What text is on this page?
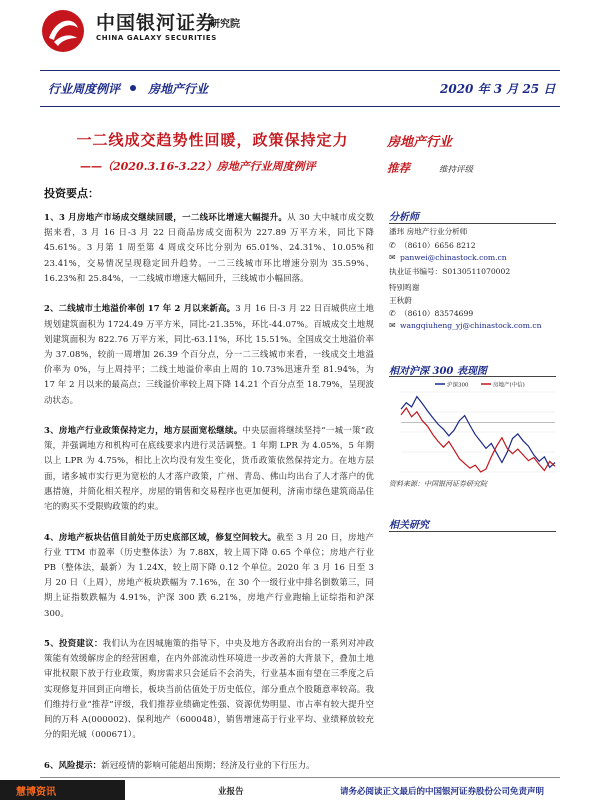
中国银河证券
CHINA GALAXY SECURITIES
研究院
行业周度例评 房地产行业	2020 年 3 月 25 日
一二线成交趋势性回暖，政策保持定力
——（2020.3.16-3.22）房地产行业周度例评
房地产行业
推荐	维持评级
投资要点：

1、3 月房地产市场成交继续回暖，一二线环比增速大幅提升。从 30 大中城市成交数据来看，3 月 16 日-3 月 22 日商品房成交面积为 227.89 万平方米，同比下降 45.61%。3 月第 1 周至第 4 周成交环比分别为 65.01%、24.31%、10.05%和 23.41%，交易情况呈现稳定回升趋势。一二三线城市环比增速分别为 35.59%、16.23%和 25.84%，一二线城市增速大幅回升，三线城市小幅回落。

2、二线城市土地溢价率创 17 年 2 月以来新高。3 月 16 日-3 月 22 日百城供应土地规划建筑面积为 1724.49 万平方米，同比-21.35%，环比-44.07%。百城成交土地规划建筑面积为 822.76 万平方米，同比-63.11%，环比 15.51%。全国成交土地溢价率为 37.08%，较前一周增加 26.39 个百分点，分一二三线城市来看，一线成交土地溢价率为 0%，与上周持平；二线土地溢价率由上周的 10.73%迅速升至 81.94%，为 17 年 2 月以来的最高点；三线溢价率较上周下降 14.21 个百分点至 18.79%，呈现波动状态。

3、房地产行业政策保持定力，地方层面宽松继续。中央层面将继续坚持“一城一策”政策，并强调地方和机构可在底线要求内进行灵活调整。1 年期 LPR 为 4.05%，5 年期以上 LPR 为 4.75%，相比上次均没有发生变化，货币政策依然保持定力。在地方层面，诸多城市实行更为宽松的人才落户政策，广州、青岛、佛山均出台了人才落户的优惠措施，并简化相关程序，房屋的销售和交易程序也更加便利，济南市绿色建筑商品住宅的购买不受限购政策的约束。

4、房地产板块估值目前处于历史底部区域，修复空间较大。截至 3 月 20 日，房地产行业 TTM 市盈率（历史整体法）为 7.88X，较上周下降 0.65 个单位；房地产行业 PB（整体法，最新）为 1.24X，较上周下降 0.12 个单位。2020 年 3 月 16 日至 3 月 20 日（上周），房地产板块跌幅为 7.16%，在 30 个一级行业中排名倒数第三，同期上证指数跌幅为 4.91%，沪深 300 跌 6.21%，房地产行业跑输上证综指和沪深 300。

5、投资建议：我们认为在因城施策的指导下，中央及地方各政府出台的一系列对冲政策能有效缓解房企的经营困难，在内外部流动性环境进一步改善的大背景下，叠加土地审批权限下放于行业政策，购房需求只会延后不会消失，行业基本面有望在三季度之后实现修复并回到正向增长，板块当前估值处于历史低位，部分重点个股随意率较高。我们维持行业“推荐”评级，我们推荐业绩确定性强、资源优势明显、市占率有较大提升空间的万科 A(000002)、保利地产（600048），销售增速高于行业平均、业绩释放较充分的阳光城（000671）。

6、风险提示：新冠疫情的影响可能超出预期；经济及行业的下行压力。

分析师
潘玮 房地产行业分析师
✆ （8610）6656 8212
✉ panwei@chinastock.com.cn
执业证书编号：S0130511070002
特别鸣谢
王秋蔚
✆ （8610）83574699
✉ wangqiuheng_yj@chinastock.com.cn
相对沪深 300 表现图
沪深300	房地产(中信)
资料来源：中国银河证券研究院
相关研究
慧博资讯	业报告	请务必阅读正文最后的中国银河证券股份公司免责声明
